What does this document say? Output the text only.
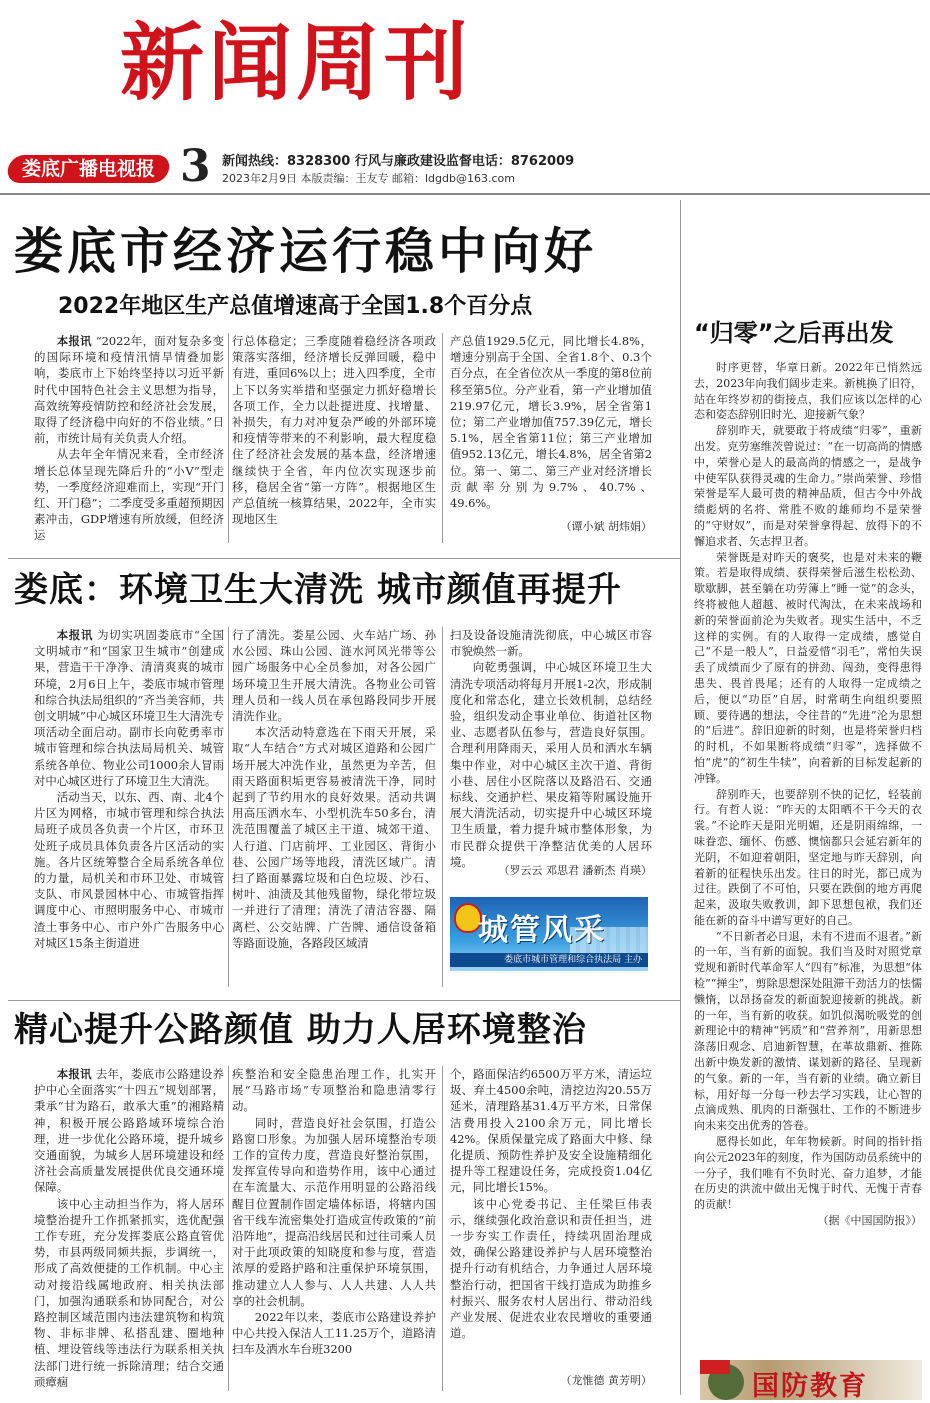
新闻周刊
娄底广播电视报 3 新闻热线：8328300 行风与廉政建设监督电话：8762009
2023年2月9日 本版责编：王友专 邮箱：ldgdb@163.com
娄底市经济运行稳中向好
2022年地区生产总值增速高于全国1.8个百分点

本报讯 “2022年，面对复杂多变的国际环境和疫情汛情旱情叠加影响，娄底市上下始终坚持以习近平新时代中国特色社会主义思想为指导，高效统筹疫情防控和经济社会发展，取得了经济稳中向好的不俗业绩。”日前，市统计局有关负责人介绍。

从去年全年情况来看，全市经济增长总体呈现先降后升的“小V”型走势，一季度经济迎难而上，实现“开门红、开门稳”；二季度受多重超预期因素冲击，GDP增速有所放缓，但经济运

行总体稳定；三季度随着稳经济各项政策落实落细，经济增长反弹回暖，稳中有进，重回6%以上；进入四季度，全市上下以务实举措和坚强定力抓好稳增长各项工作，全力以赴提进度、找增量、补损失，有力对冲复杂严峻的外部环境和疫情等带来的不利影响，最大程度稳住了经济社会发展的基本盘，经济增速继续快于全省，年内位次实现逐步前移，稳居全省“第一方阵”。根据地区生产总值统一核算结果，2022年，全市实现地区生

产总值1929.5亿元，同比增长4.8%，增速分别高于全国、全省1.8个、0.3个百分点，在全省位次从一季度的第8位前移至第5位。分产业看，第一产业增加值219.97亿元，增长3.9%，居全省第1位；第二产业增加值757.39亿元，增长5.1%，居全省第11位；第三产业增加值952.13亿元，增长4.8%，居全省第2位。第一、第二、第三产业对经济增长贡献率分别为9.7%、40.7%、49.6%。

（谭小斌 胡炜娟）
娄底：环境卫生大清洗 城市颜值再提升

本报讯 为切实巩固娄底市“全国文明城市”和“国家卫生城市”创建成果，营造干干净净、清清爽爽的城市环境，2月6日上午，娄底市城市管理和综合执法局组织的“齐当美容师，共创文明城”中心城区环境卫生大清洗专项活动全面启动。副市长向乾勇率市城市管理和综合执法局局机关、城管系统各单位、物业公司1000余人冒雨对中心城区进行了环境卫生大清洗。

活动当天，以东、西、南、北4个片区为网格，市城市管理和综合执法局班子成员各负责一个片区，市环卫处班子成员具体负责各片区活动的实施。各片区统筹整合全局系统各单位的力量，局机关和市环卫处、市城管支队、市风景园林中心、市城管指挥调度中心、市照明服务中心、市城市渣土事务中心、市户外广告服务中心对城区15条主街道进

行了清洗。娄星公园、火车站广场、孙水公园、珠山公园、涟水河风光带等公园广场服务中心全员参加，对各公园广场环境卫生开展大清洗。各物业公司管理人员和一线人员在承包路段同步开展清洗作业。

本次活动特意选在下雨天开展，采取“人车结合”方式对城区道路和公园广场开展大冲洗作业，虽然更为辛苦，但雨天路面积垢更容易被清洗干净，同时起到了节约用水的良好效果。活动共调用高压洒水车、小型机洗车50多台，清洗范围覆盖了城区主干道、城郊干道、人行道、门店前坪、工业园区、背街小巷、公园广场等地段，清洗区域广。清扫了路面暴露垃圾和白色垃圾、沙石、树叶、油渍及其他残留物，绿化带垃圾一并进行了清理；清洗了清洁容器、隔离栏、公交站牌、广告牌、通信设备箱等路面设施，各路段区域清

扫及设备设施清洗彻底，中心城区市容市貌焕然一新。

向乾勇强调，中心城区环境卫生大清洗专项活动将每月开展1-2次，形成制度化和常态化，建立长效机制，总结经验，组织发动企事业单位、街道社区物业、志愿者队伍参与，营造良好氛围。合理利用降雨天，采用人员和洒水车辆集中作业，对中心城区主次干道、背街小巷、居住小区院落以及路沿石、交通标线、交通护栏、果皮箱等附属设施开展大清洗活动，切实提升中心城区环境卫生质量，着力提升城市整体形象，为市民群众提供干净整洁优美的人居环境。

（罗云云 邓思君 潘新杰 肖瑛）
城管风采
娄底市城市管理和综合执法局 主办
精心提升公路颜值 助力人居环境整治

本报讯 去年，娄底市公路建设养护中心全面落实“十四五”规划部署，秉承“甘为路石，敢承大重”的湘路精神，积极开展公路路域环境综合治理，进一步优化公路环境，提升城乡交通面貌，为城乡人居环境建设和经济社会高质量发展提供优良交通环境保障。

该中心主动担当作为，将人居环境整治提升工作抓紧抓实，选优配强工作专班，充分发挥娄底公路直管优势，市县两级同频共振，步调统一，形成了高效便捷的工作机制。中心主动对接沿线属地政府、相关执法部门，加强沟通联系和协同配合，对公路控制区域范围内违法建筑物和构筑物、非标非牌、私搭乱建、圈地种植、埋设管线等违法行为联系相关执法部门进行统一拆除清理；结合交通顽瘴痼

疾整治和安全隐患治理工作，扎实开展“马路市场”专项整治和隐患清零行动。

同时，营造良好社会氛围，打造公路窗口形象。为加强人居环境整治专项工作的宣传力度，营造良好整治氛围，发挥宣传导向和造势作用，该中心通过在车流量大、示范作用明显的公路沿线醒目位置制作固定墙体标语，将辖内国省干线车流密集处打造成宣传政策的“前沿阵地”，提高沿线居民和过往司乘人员对于此项政策的知晓度和参与度，营造浓厚的爱路护路和注重保护环境氛围，推动建立人人参与、人人共建、人人共享的社会机制。

2022年以来，娄底市公路建设养护中心共投入保洁人工11.25万个，道路清扫车及洒水车台班3200

个，路面保洁约6500万平方米，清运垃圾、弃土4500余吨，清挖边沟20.55万延米，清理路基31.4万平方米，日常保洁费用投入2100余万元，同比增长42%。保质保量完成了路面大中修、绿化提质、预防性养护及安全设施精细化提升等工程建设任务，完成投资1.04亿元，同比增长15%。

该中心党委书记、主任梁巨伟表示，继续强化政治意识和责任担当，进一步夯实工作责任，持续巩固治理成效，确保公路建设养护与人居环境整治提升行动有机结合，力争通过人居环境整治行动，把国省干线打造成为助推乡村振兴、服务农村人居出行、带动沿线产业发展、促进农业农民增收的重要通道。

（龙惟德 黄芳明）
“归零”之后再出发

时序更替，华章日新。2022年已悄然远去，2023年向我们阔步走来。新桃换了旧符，站在年终岁初的街接点，我们应该以怎样的心态和姿态辞别旧时光、迎接新气象？

辞别昨天，就要敢于将成绩“归零”，重新出发。克劳塞维茨曾说过：“在一切高尚的情感中，荣誉心是人的最高尚的情感之一，是战争中使军队获得灵魂的生命力。”崇尚荣誉、珍惜荣誉是军人最可贵的精神品质，但古今中外战绩彪炳的名将、常胜不败的雄师均不是荣誉的“守财奴”，而是对荣誉拿得起、放得下的不懈追求者、矢志捍卫者。

荣誉既是对昨天的褒奖，也是对未来的鞭策。若是取得成绩、获得荣誉后滋生松松劲、歇歇脚，甚至躺在功劳簿上“睡一觉”的念头，终将被他人超越、被时代淘汰，在未来战场和新的荣誉面前沦为失败者。现实生活中，不乏这样的实例。有的人取得一定成绩，感觉自己“不是一般人”，日益爱惜“羽毛”，常怕失误丢了成绩而少了原有的拼劲、闯劲，变得患得患失、畏首畏尾；还有的人取得一定成绩之后，便以“功臣”自居，时常萌生向组织要照顾、要待遇的想法，令往昔的“先进”沦为思想的“后进”。辞旧迎新的时刻，也是将荣誉归档的时机，不如果断将成绩“归零”，选择做不怕“虎”的“初生牛犊”，向着新的目标发起新的冲锋。

辞别昨天，也要辞别不快的记忆，轻装前行。有哲人说：“昨天的太阳晒不干今天的衣裳。”不论昨天是阳光明媚，还是阴雨绵绵，一味眷恋、缅怀、伤感、懊恼都只会延宕新年的光阴，不如迎着朝阳，坚定地与昨天辞别，向着新的征程快乐出发。往日的时光，都已成为过往。跌倒了不可怕，只要在跌倒的地方再爬起来，汲取失败教训，卸下思想包袱，我们还能在新的奋斗中谱写更好的自己。

“不日新者必日退，未有不进而不退者。”新的一年，当有新的面貌。我们当及时对照党章党规和新时代革命军人“四有”标准，为思想“体检”“掸尘”，剪除思想深处阻滞干劲活力的怯懦懒惰，以昂扬奋发的新面貌迎接新的挑战。新的一年，当有新的收获。如饥似渴吮吸党的创新理论中的精神“钙质”和“营养剂”，用新思想涤荡旧观念、启迪新智慧，在革故鼎新、推陈出新中焕发新的激情、谋划新的路径、呈现新的气象。新的一年，当有新的业绩。确立新目标，用好每一分每一秒去学习实践，让心智的点滴成熟、肌肉的日渐强壮、工作的不断进步向未来交出优秀的答卷。

愿得长如此，年年物候新。时间的指针指向公元2023年的刻度，作为国防动员系统中的一分子，我们唯有不负时光、奋力追梦，才能在历史的洪流中做出无愧于时代、无愧于青春的贡献！

（据《中国国防报》）

国防教育
